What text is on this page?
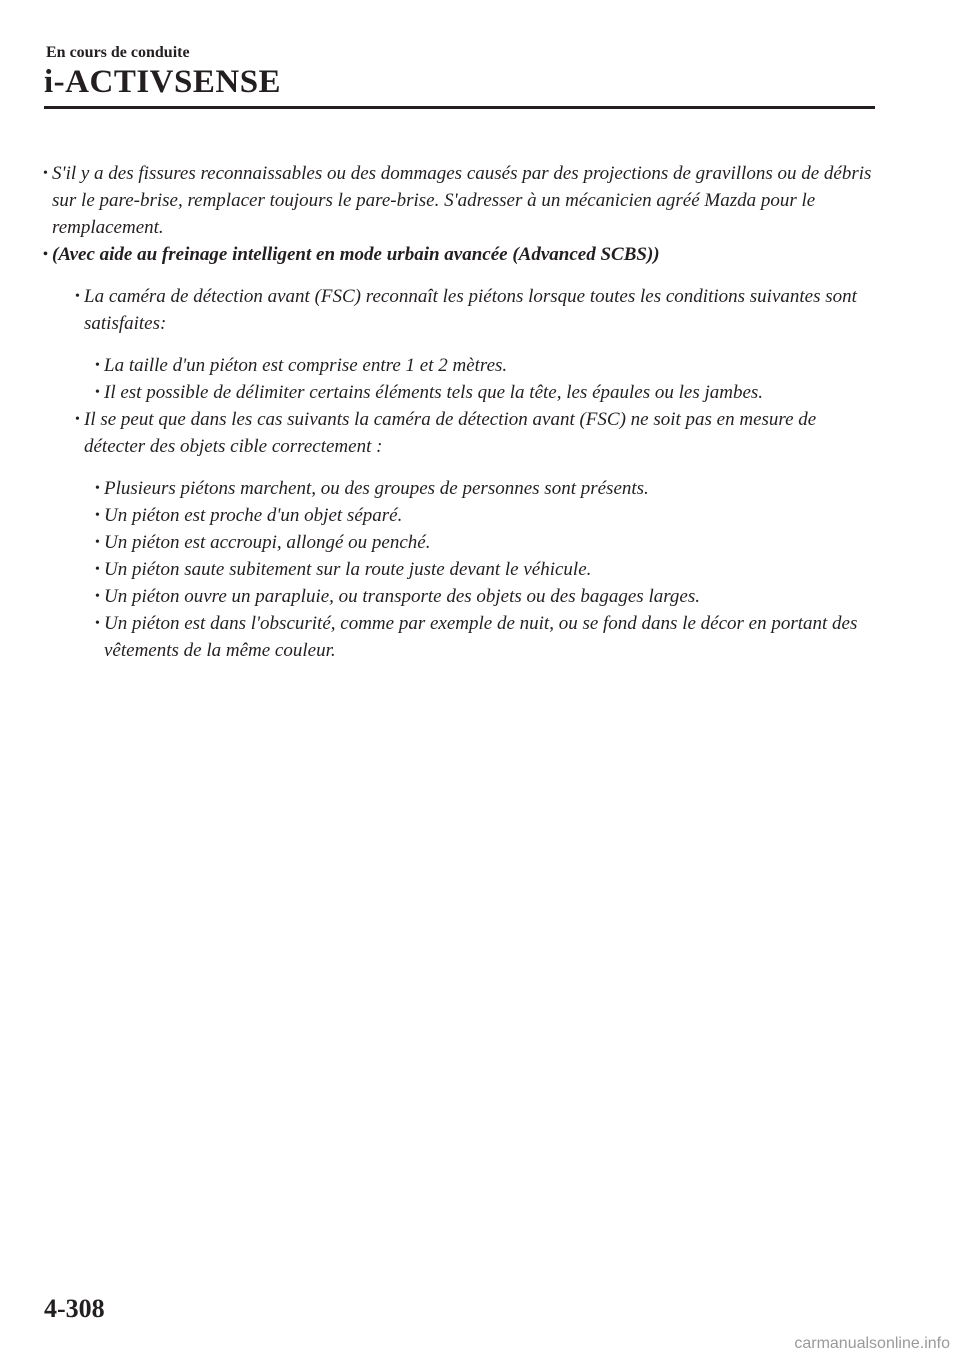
En cours de conduite
i-ACTIVSENSE
• S'il y a des fissures reconnaissables ou des dommages causés par des projections de gravillons ou de débris sur le pare-brise, remplacer toujours le pare-brise. S'adresser à un mécanicien agréé Mazda pour le remplacement.
• (Avec aide au freinage intelligent en mode urbain avancée (Advanced SCBS))
• La caméra de détection avant (FSC) reconnaît les piétons lorsque toutes les conditions suivantes sont satisfaites:
• La taille d'un piéton est comprise entre 1 et 2 mètres.
• Il est possible de délimiter certains éléments tels que la tête, les épaules ou les jambes.
• Il se peut que dans les cas suivants la caméra de détection avant (FSC) ne soit pas en mesure de détecter des objets cible correctement :
• Plusieurs piétons marchent, ou des groupes de personnes sont présents.
• Un piéton est proche d'un objet séparé.
• Un piéton est accroupi, allongé ou penché.
• Un piéton saute subitement sur la route juste devant le véhicule.
• Un piéton ouvre un parapluie, ou transporte des objets ou des bagages larges.
• Un piéton est dans l'obscurité, comme par exemple de nuit, ou se fond dans le décor en portant des vêtements de la même couleur.
4-308
carmanualsonline.info
